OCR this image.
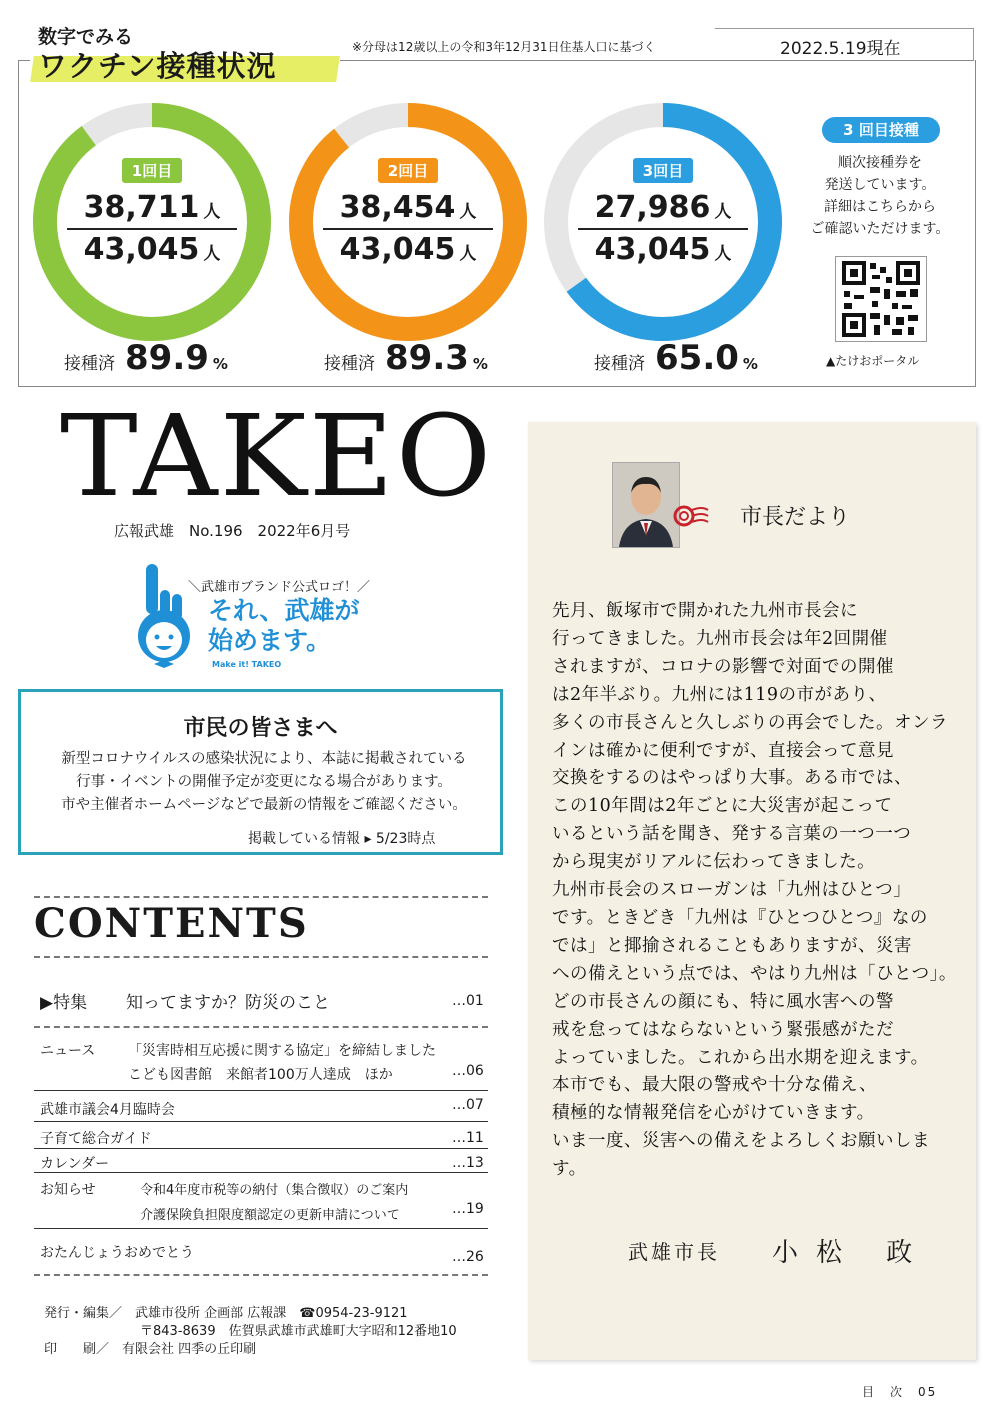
数字でみる
ワクチン接種状況
※分母は12歳以上の令和3年12月31日住基人口に基づく	2022.5.19現在
1回目
38,711 人
43,045 人
接種済 89.9 %
2回目
38,454 人
43,045 人
接種済 89.3 %
3回目
27,986 人
43,045 人
接種済 65.0 %
3 回目接種
順次接種券を
発送しています。
詳細はこちらから
ご確認いただけます。
▲たけおポータル
TAKEO
広報武雄　No.196　2022年6月号
＼武雄市ブランド公式ロゴ！／
それ、武雄が
始めます。
Make it! TAKEO
市民の皆さまへ
新型コロナウイルスの感染状況により、本誌に掲載されている
行事・イベントの開催予定が変更になる場合があります。
市や主催者ホームページなどで最新の情報をご確認ください。
掲載している情報 ▸ 5/23時点
CONTENTS
▶特集 知ってますか？防災のこと	…01
ニュース 「災害時相互応援に関する協定」を締結しました
こども図書館　来館者100万人達成　ほか	…06
武雄市議会4月臨時会	…07
子育て総合ガイド	…11
カレンダー	…13
お知らせ	令和4年度市税等の納付（集合徴収）のご案内
介護保険負担限度額認定の更新申請について	…19
おたんじょうおめでとう	…26
発行・編集／　武雄市役所 企画部 広報課　☎0954-23-9121
〒843-8639　佐賀県武雄市武雄町大字昭和12番地10
印　　刷／　有限会社 四季の丘印刷
市長だより
先月、飯塚市で開かれた九州市長会に
行ってきました。九州市長会は年2回開催
されますが、コロナの影響で対面での開催
は2年半ぶり。九州には119の市があり、
多くの市長さんと久しぶりの再会でした。オンラ
インは確かに便利ですが、直接会って意見
交換をするのはやっぱり大事。ある市では、
この10年間は2年ごとに大災害が起こって
いるという話を聞き、発する言葉の一つ一つ
から現実がリアルに伝わってきました。
九州市長会のスローガンは「九州はひとつ」
です。ときどき「九州は『ひとつひとつ』なの
では」と揶揄されることもありますが、災害
への備えという点では、やはり九州は「ひとつ」。
どの市長さんの顔にも、特に風水害への警
戒を怠ってはならないという緊張感がただ
よっていました。これから出水期を迎えます。
本市でも、最大限の警戒や十分な備え、
積極的な情報発信を心がけていきます。
いま一度、災害への備えをよろしくお願いします。
武雄市長 小松 政
目　次　05
